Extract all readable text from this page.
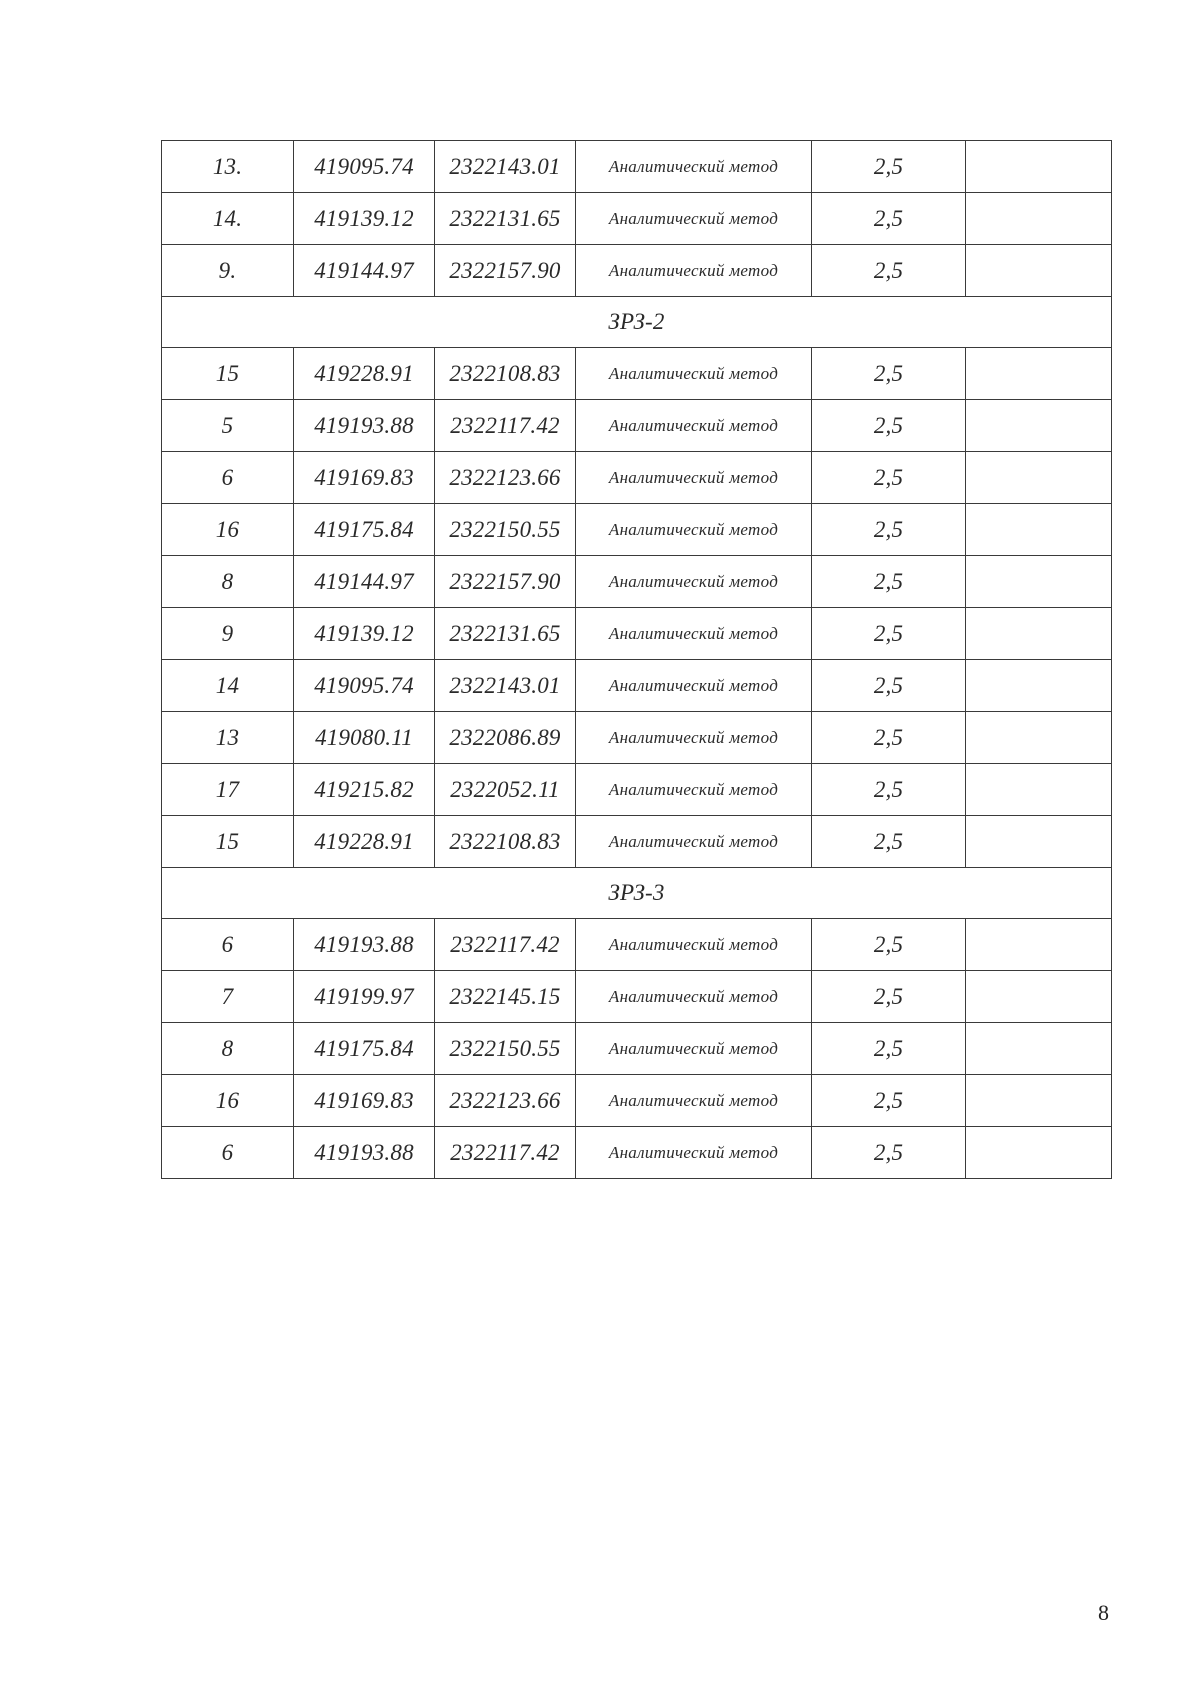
13.	419095.74	2322143.01	Аналитический метод	2,5	
14.	419139.12	2322131.65	Аналитический метод	2,5	
9.	419144.97	2322157.90	Аналитический метод	2,5	
ЗРЗ-2					
15	419228.91	2322108.83	Аналитический метод	2,5	
5	419193.88	2322117.42	Аналитический метод	2,5	
6	419169.83	2322123.66	Аналитический метод	2,5	
16	419175.84	2322150.55	Аналитический метод	2,5	
8	419144.97	2322157.90	Аналитический метод	2,5	
9	419139.12	2322131.65	Аналитический метод	2,5	
14	419095.74	2322143.01	Аналитический метод	2,5	
13	419080.11	2322086.89	Аналитический метод	2,5	
17	419215.82	2322052.11	Аналитический метод	2,5	
15	419228.91	2322108.83	Аналитический метод	2,5	
ЗРЗ-3					
6	419193.88	2322117.42	Аналитический метод	2,5	
7	419199.97	2322145.15	Аналитический метод	2,5	
8	419175.84	2322150.55	Аналитический метод	2,5	
16	419169.83	2322123.66	Аналитический метод	2,5	
6	419193.88	2322117.42	Аналитический метод	2,5	
8
